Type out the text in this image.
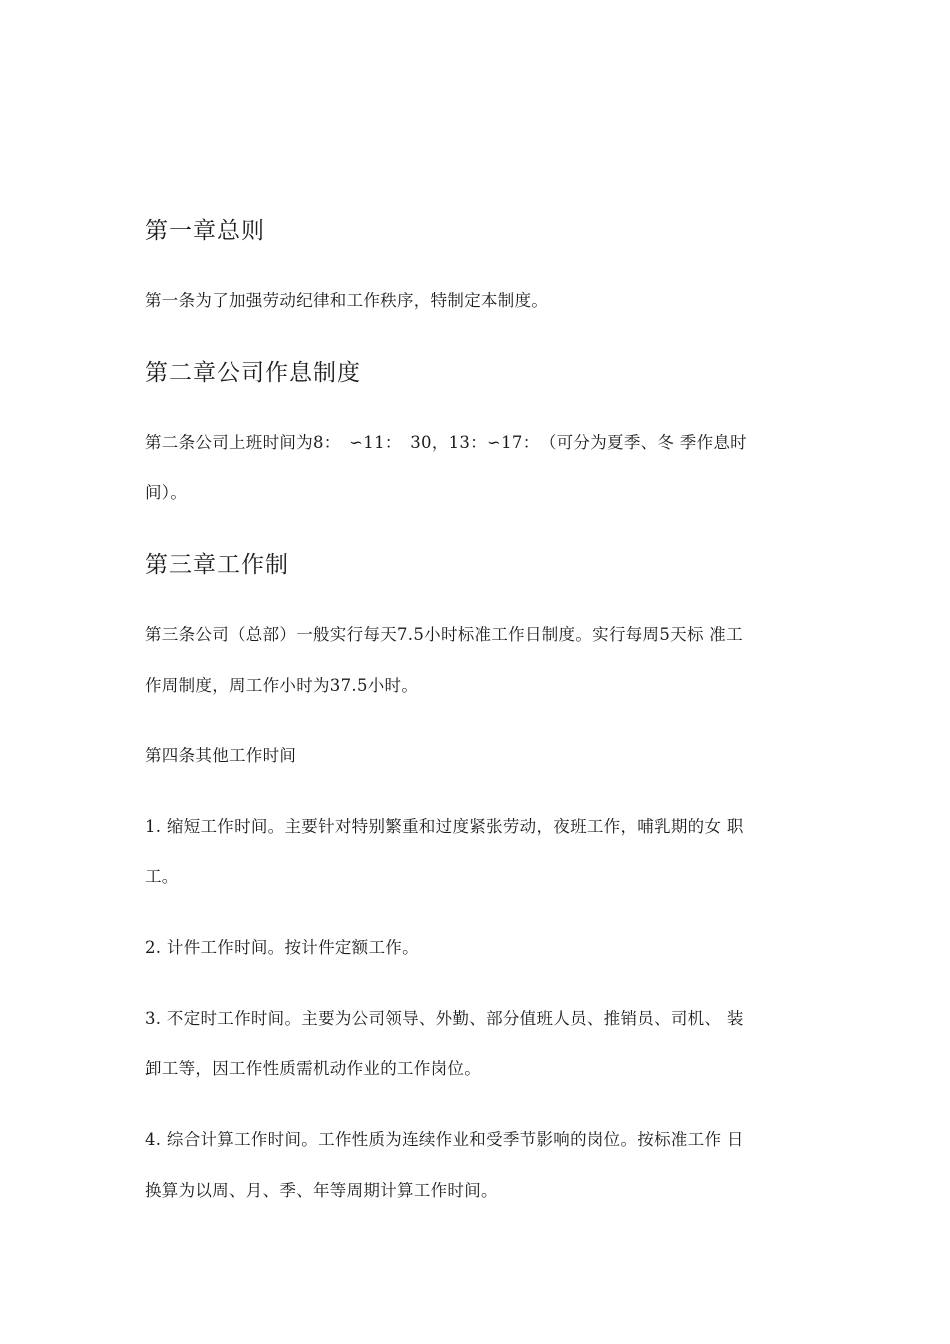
第一章总则
第一条为了加强劳动纪律和工作秩序，特制定本制度。
第二章公司作息制度
第二条公司上班时间为8：　∽11：　30，13：∽17：　（可分为夏季、冬 季作息时
间）。
第三章工作制
第三条公司（总部）一般实行每天7.5小时标准工作日制度。实行每周5天标 准工
作周制度，周工作小时为37.5小时。
第四条其他工作时间
1. 缩短工作时间。主要针对特别繁重和过度紧张劳动，夜班工作，哺乳期的女 职
工。
2. 计件工作时间。按计件定额工作。
3. 不定时工作时间。主要为公司领导、外勤、部分值班人员、推销员、司机、 装
卸工等，因工作性质需机动作业的工作岗位。
4. 综合计算工作时间。工作性质为连续作业和受季节影响的岗位。按标准工作 日
换算为以周、月、季、年等周期计算工作时间。
